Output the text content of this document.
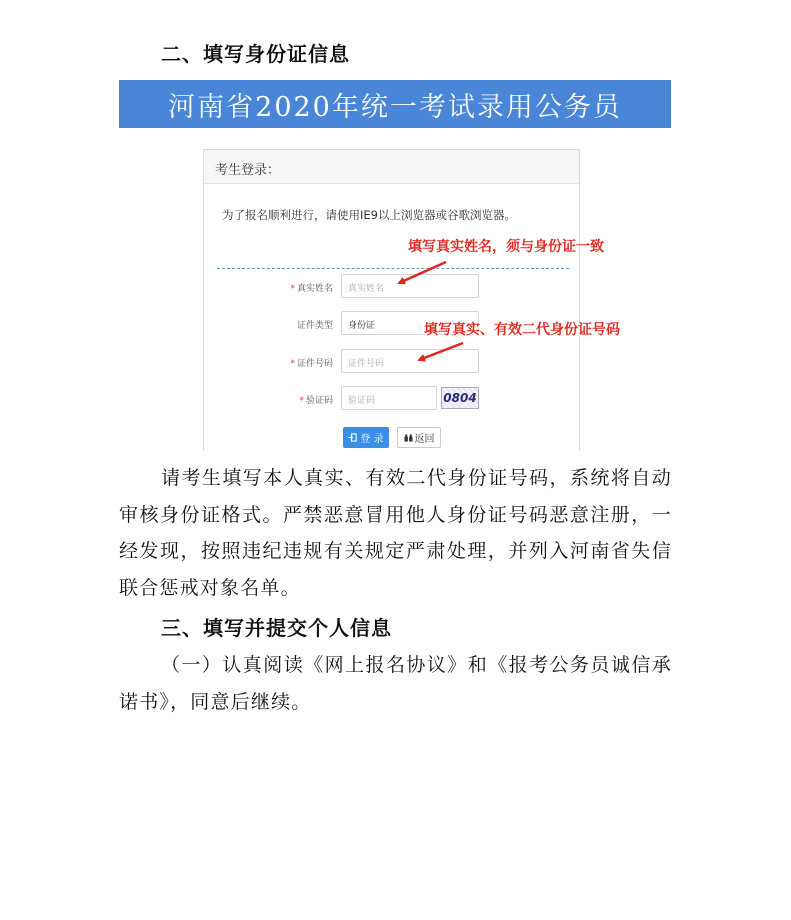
二、填写身份证信息
河南省2020年统一考试录用公务员
考生登录：
为了报名顺利进行，请使用IE9以上浏览器或谷歌浏览器。
* 真实姓名	真实姓名
证件类型	身份证
* 证件号码	证件号码
* 验证码	验证码	0804
登 录	返回
填写真实姓名，须与身份证一致
填写真实、有效二代身份证号码
请考生填写本人真实、有效二代身份证号码，系统将自动审核身份证格式。严禁恶意冒用他人身份证号码恶意注册，一经发现，按照违纪违规有关规定严肃处理，并列入河南省失信联合惩戒对象名单。
三、填写并提交个人信息
（一）认真阅读《网上报名协议》和《报考公务员诚信承诺书》，同意后继续。
